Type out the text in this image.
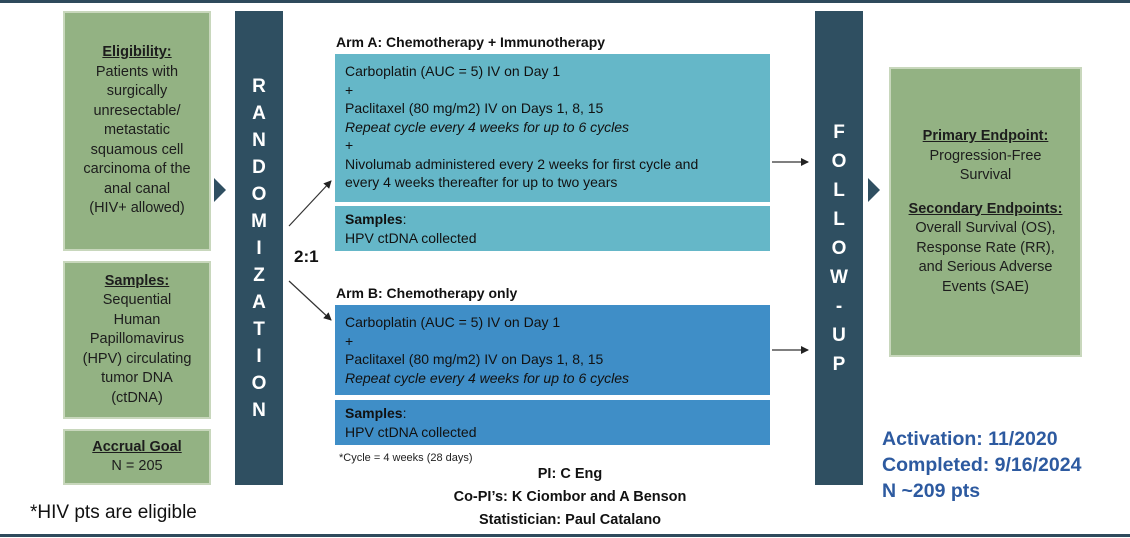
Eligibility:
Patients with
surgically
unresectable/
metastatic
squamous cell
carcinoma of the
anal canal
(HIV+ allowed)
Samples:
Sequential
Human
Papillomavirus
(HPV) circulating
tumor DNA
(ctDNA)
Accrual Goal
N = 205
*HIV pts are eligible
R
A
N
D
O
M
I
Z
A
T
I
O
N
2:1
Arm A: Chemotherapy + Immunotherapy
Carboplatin (AUC = 5) IV on Day 1
+
Paclitaxel (80 mg/m2) IV on Days 1, 8, 15
Repeat cycle every 4 weeks for up to 6 cycles
+
Nivolumab administered every 2 weeks for first cycle and
every 4 weeks thereafter for up to two years
Samples:
HPV ctDNA collected
Arm B: Chemotherapy only
Carboplatin (AUC = 5) IV on Day 1
+
Paclitaxel (80 mg/m2) IV on Days 1, 8, 15
Repeat cycle every 4 weeks for up to 6 cycles
Samples:
HPV ctDNA collected
*Cycle = 4 weeks (28 days)
PI: C Eng
Co-PI’s: K Ciombor and A Benson
Statistician: Paul Catalano
F
O
L
L
O
W
-
U
P
Primary Endpoint:
Progression-Free
Survival
Secondary Endpoints:
Overall Survival (OS),
Response Rate (RR),
and Serious Adverse
Events (SAE)
Activation: 11/2020
Completed: 9/16/2024
N ~209 pts
